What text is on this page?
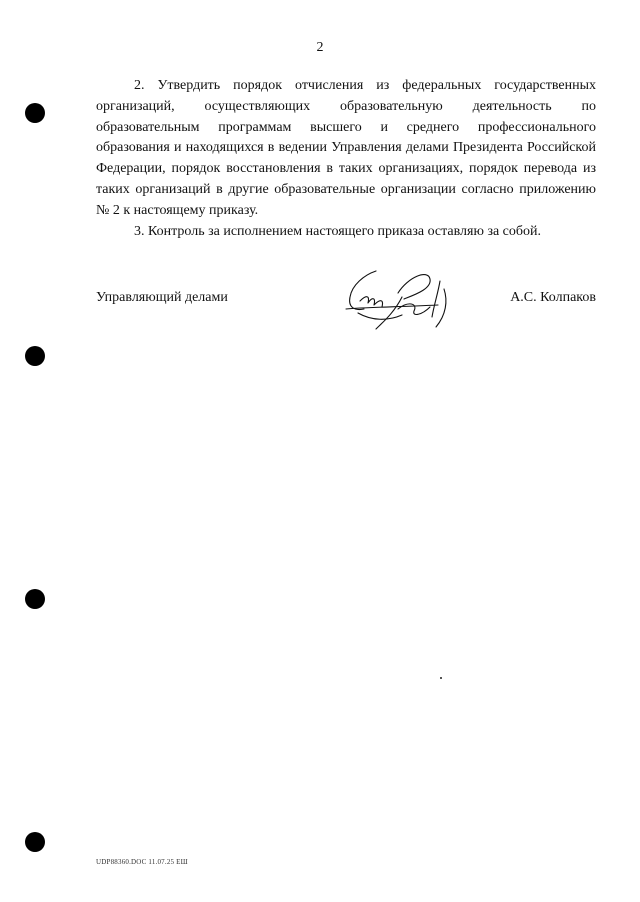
2

2. Утвердить порядок отчисления из федеральных государственных организаций, осуществляющих образовательную деятельность по образовательным программам высшего и среднего профессионального образования и находящихся в ведении Управления делами Президента Российской Федерации, порядок восстановления в таких организациях, порядок перевода из таких организаций в другие образовательные организации согласно приложению № 2 к настоящему приказу.

3. Контроль за исполнением настоящего приказа оставляю за собой.

Управляющий делами	А.С. Колпаков
UDP88360.DOC 11.07.25 ЕШ
